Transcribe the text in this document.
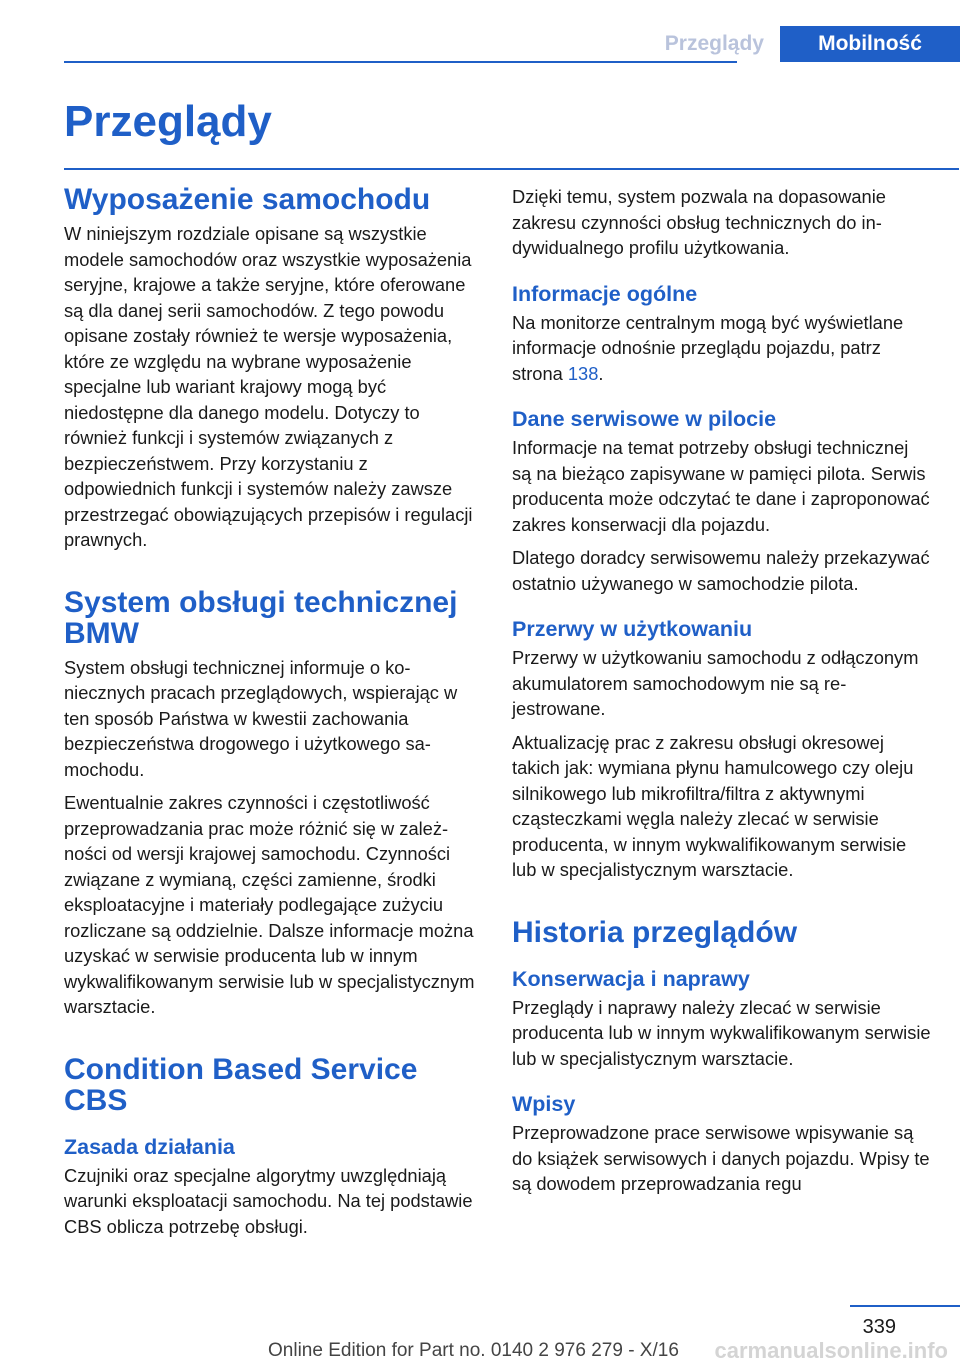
Przeglądy	Mobilność
Przeglądy
Wyposażenie samochodu

W niniejszym rozdziale opisane są wszystkie modele samochodów oraz wszystkie wyposażenia seryjne, krajowe a także seryjne, które oferowane są dla danej serii samochodów. Z tego powodu opisane zostały również te wersje wyposażenia, które ze względu na wybrane wyposażenie specjalne lub wariant krajowy mogą być niedostępne dla danego modelu. Dotyczy to również funkcji i systemów związanych z bezpieczeństwem. Przy korzystaniu z odpowiednich funkcji i systemów należy zawsze przestrzegać obowiązujących przepisów i regulacji prawnych.

System obsługi technicznej BMW

System obsługi technicznej informuje o koniecznych pracach przeglądowych, wspierając w ten sposób Państwa w kwestii zachowania bezpieczeństwa drogowego i użytkowego samochodu.

Ewentualnie zakres czynności i częstotliwość przeprowadzania prac może różnić się w zależności od wersji krajowej samochodu. Czynności związane z wymianą, części zamienne, środki eksploatacyjne i materiały podlegające zużyciu rozliczane są oddzielnie. Dalsze informacje można uzyskać w serwisie producenta lub w innym wykwalifikowanym serwisie lub w specjalistycznym warsztacie.

Condition Based Service CBS
Zasada działania

Czujniki oraz specjalne algorytmy uwzględniają warunki eksploatacji samochodu. Na tej podstawie CBS oblicza potrzebę obsługi.

Dzięki temu, system pozwala na dopasowanie zakresu czynności obsług technicznych do indywidualnego profilu użytkowania.

Informacje ogólne

Na monitorze centralnym mogą być wyświetlane informacje odnośnie przeglądu pojazdu, patrz strona 138.

Dane serwisowe w pilocie

Informacje na temat potrzeby obsługi technicznej są na bieżąco zapisywane w pamięci pilota. Serwis producenta może odczytać te dane i zaproponować zakres konserwacji dla pojazdu.

Dlatego doradcy serwisowemu należy przekazywać ostatnio używanego w samochodzie pilota.

Przerwy w użytkowaniu

Przerwy w użytkowaniu samochodu z odłączonym akumulatorem samochodowym nie są rejestrowane.

Aktualizację prac z zakresu obsługi okresowej takich jak: wymiana płynu hamulcowego czy oleju silnikowego lub mikrofiltra/filtra z aktywnymi cząsteczkami węgla należy zlecać w serwisie producenta, w innym wykwalifikowanym serwisie lub w specjalistycznym warsztacie.

Historia przeglądów
Konserwacja i naprawy

Przeglądy i naprawy należy zlecać w serwisie producenta lub w innym wykwalifikowanym serwisie lub w specjalistycznym warsztacie.

Wpisy

Przeprowadzone prace serwisowe wpisywanie są do książek serwisowych i danych pojazdu. Wpisy te są dowodem przeprowadzania regu

339
Online Edition for Part no. 0140 2 976 279 - X/16 carmanualsonline.info
